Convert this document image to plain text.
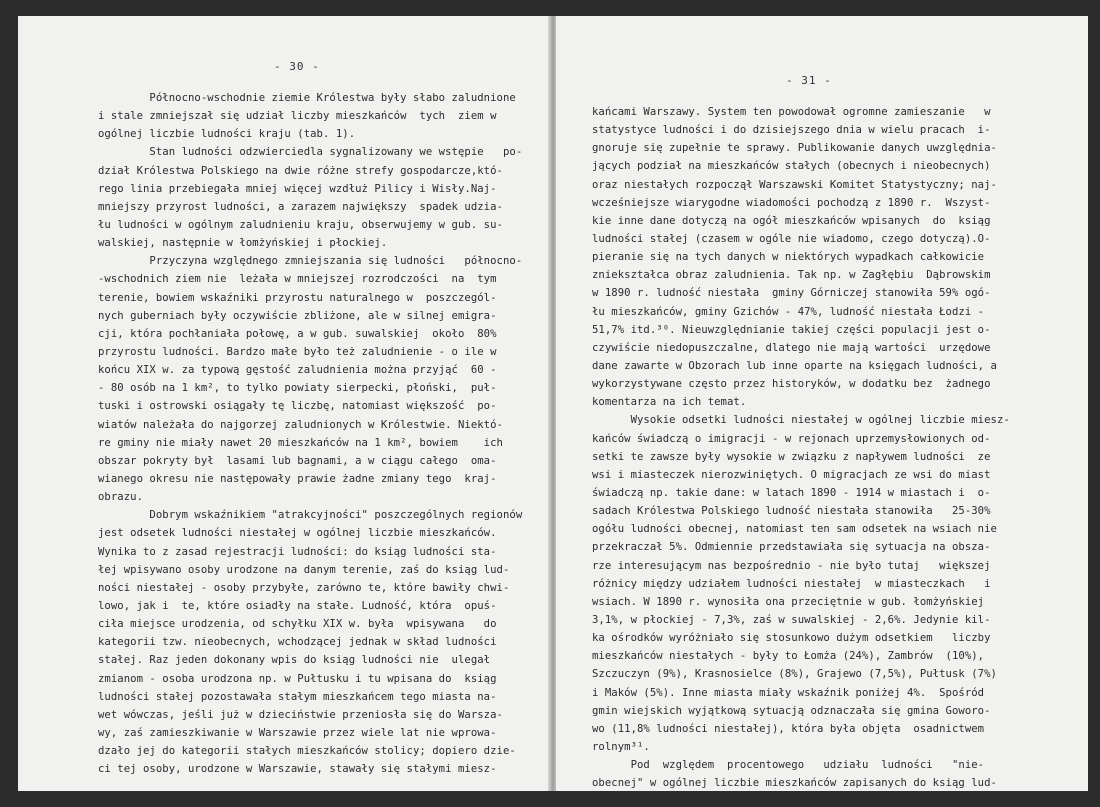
- 30 -
Północno-wschodnie ziemie Królestwa były słabo zaludnione
i stale zmniejszał się udział liczby mieszkańców  tych  ziem w
ogólnej liczbie ludności kraju (tab. 1).
Stan ludności odzwierciedla sygnalizowany we wstępie   po-
dział Królestwa Polskiego na dwie różne strefy gospodarcze,któ-
rego linia przebiegała mniej więcej wzdłuż Pilicy i Wisły.Naj-
mniejszy przyrost ludności, a zarazem największy  spadek udzia-
łu ludności w ogólnym zaludnieniu kraju, obserwujemy w gub. su-
walskiej, następnie w łomżyńskiej i płockiej.
Przyczyna względnego zmniejszania się ludności   północno-
-wschodnich ziem nie  leżała w mniejszej rozrodczości  na  tym
terenie, bowiem wskaźniki przyrostu naturalnego w  poszczegól-
nych guberniach były oczywiście zbliżone, ale w silnej emigra-
cji, która pochłaniała połowę, a w gub. suwalskiej  około  80%
przyrostu ludności. Bardzo małe było też zaludnienie - o ile w
końcu XIX w. za typową gęstość zaludnienia można przyjąć  60 -
- 80 osób na 1 km², to tylko powiaty sierpecki, płoński,  puł-
tuski i ostrowski osiągały tę liczbę, natomiast większość  po-
wiatów należała do najgorzej zaludnionych w Królestwie. Niektó-
re gminy nie miały nawet 20 mieszkańców na 1 km², bowiem    ich
obszar pokryty był  lasami lub bagnami, a w ciągu całego  oma-
wianego okresu nie następowały prawie żadne zmiany tego  kraj-
obrazu.
Dobrym wskaźnikiem "atrakcyjności" poszczególnych regionów
jest odsetek ludności niestałej w ogólnej liczbie mieszkańców.
Wynika to z zasad rejestracji ludności: do ksiąg ludności sta-
łej wpisywano osoby urodzone na danym terenie, zaś do ksiąg lud-
ności niestałej - osoby przybyłe, zarówno te, które bawiły chwi-
lowo, jak i  te, które osiadły na stałe. Ludność, która  opuś-
ciła miejsce urodzenia, od schyłku XIX w. była  wpisywana   do
kategorii tzw. nieobecnych, wchodzącej jednak w skład ludności
stałej. Raz jeden dokonany wpis do ksiąg ludności nie  ulegał
zmianom - osoba urodzona np. w Pułtusku i tu wpisana do  ksiąg
ludności stałej pozostawała stałym mieszkańcem tego miasta na-
wet wówczas, jeśli już w dzieciństwie przeniosła się do Warsza-
wy, zaś zamieszkiwanie w Warszawie przez wiele lat nie wprowa-
dzało jej do kategorii stałych mieszkańców stolicy; dopiero dzie-
ci tej osoby, urodzone w Warszawie, stawały się stałymi miesz-
- 31 -
kańcami Warszawy. System ten powodował ogromne zamieszanie   w
statystyce ludności i do dzisiejszego dnia w wielu pracach  i-
gnoruje się zupełnie te sprawy. Publikowanie danych uwzględnia-
jących podział na mieszkańców stałych (obecnych i nieobecnych)
oraz niestałych rozpoczął Warszawski Komitet Statystyczny; naj-
wcześniejsze wiarygodne wiadomości pochodzą z 1890 r.  Wszyst-
kie inne dane dotyczą na ogół mieszkańców wpisanych  do  ksiąg
ludności stałej (czasem w ogóle nie wiadomo, czego dotyczą).O-
pieranie się na tych danych w niektórych wypadkach całkowicie
zniekształca obraz zaludnienia. Tak np. w Zagłębiu  Dąbrowskim
w 1890 r. ludność niestała  gminy Górniczej stanowiła 59% ogó-
łu mieszkańców, gminy Gzichów - 47%, ludność niestała Łodzi -
51,7% itd.³⁰. Nieuwzględnianie takiej części populacji jest o-
czywiście niedopuszczalne, dlatego nie mają wartości  urzędowe
dane zawarte w Obzorach lub inne oparte na księgach ludności, a
wykorzystywane często przez historyków, w dodatku bez  żadnego
komentarza na ich temat.
Wysokie odsetki ludności niestałej w ogólnej liczbie miesz-
kańców świadczą o imigracji - w rejonach uprzemysłowionych od-
setki te zawsze były wysokie w związku z napływem ludności  ze
wsi i miasteczek nierozwiniętych. O migracjach ze wsi do miast
świadczą np. takie dane: w latach 1890 - 1914 w miastach i  o-
sadach Królestwa Polskiego ludność niestała stanowiła   25-30%
ogółu ludności obecnej, natomiast ten sam odsetek na wsiach nie
przekraczał 5%. Odmiennie przedstawiała się sytuacja na obsza-
rze interesującym nas bezpośrednio - nie było tutaj   większej
różnicy między udziałem ludności niestałej  w miasteczkach   i
wsiach. W 1890 r. wynosiła ona przeciętnie w gub. łomżyńskiej
3,1%, w płockiej - 7,3%, zaś w suwalskiej - 2,6%. Jedynie kil-
ka ośrodków wyróżniało się stosunkowo dużym odsetkiem   liczby
mieszkańców niestałych - były to Łomża (24%), Zambrów  (10%),
Szczuczyn (9%), Krasnosielce (8%), Grajewo (7,5%), Pułtusk (7%)
i Maków (5%). Inne miasta miały wskaźnik poniżej 4%.  Spośród
gmin wiejskich wyjątkową sytuacją odznaczała się gmina Goworo-
wo (11,8% ludności niestałej), która była objęta  osadnictwem
rolnym³¹.
Pod  względem  procentowego   udziału  ludności   "nie-
obecnej" w ogólnej liczbie mieszkańców zapisanych do ksiąg lud-
